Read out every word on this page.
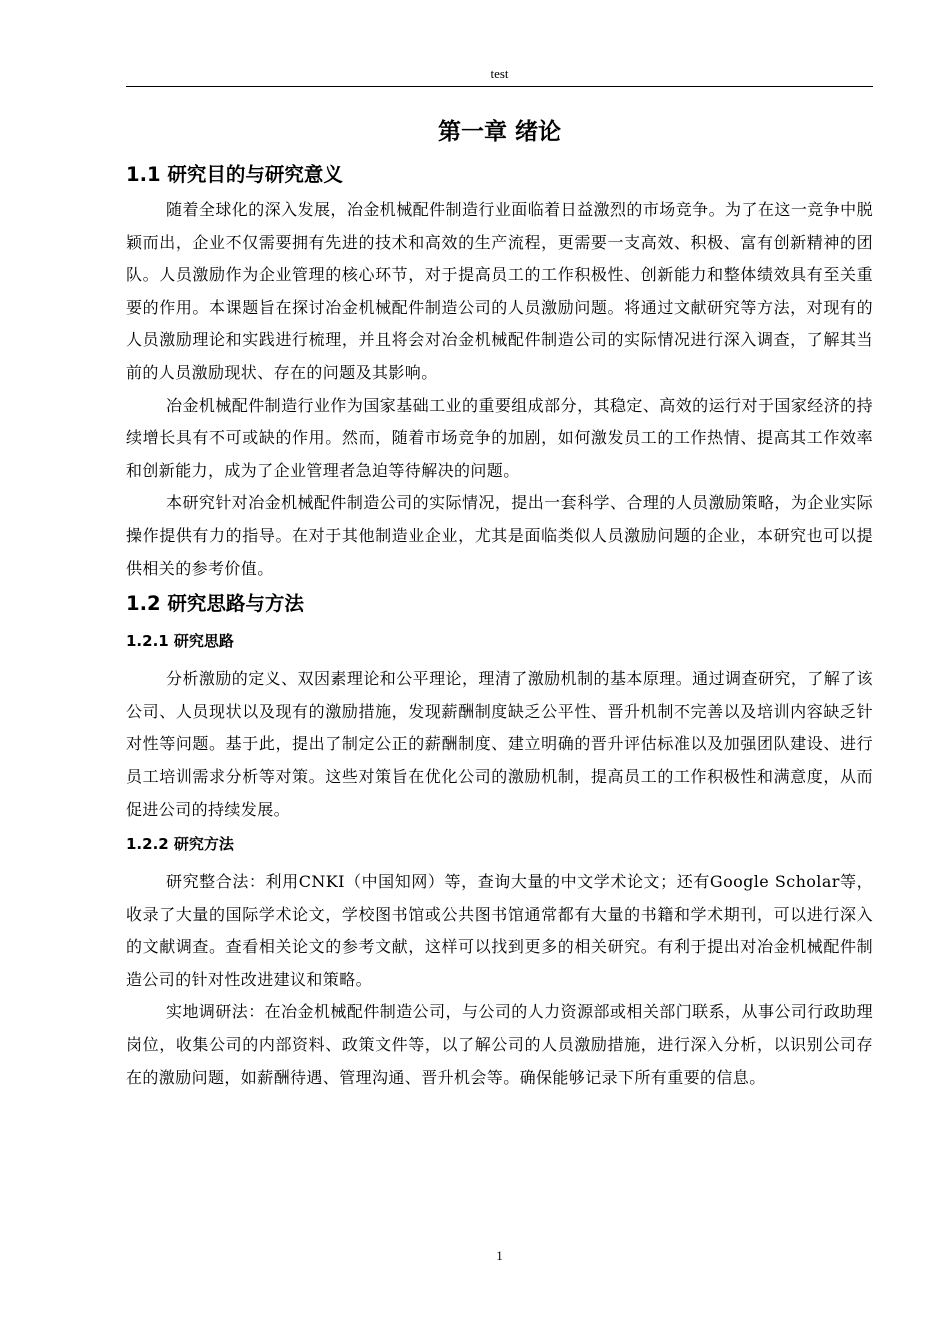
test
第一章 绪论
1.1 研究目的与研究意义

随着全球化的深入发展，冶金机械配件制造行业面临着日益激烈的市场竞争。为了在这一竞争中脱颖而出，企业不仅需要拥有先进的技术和高效的生产流程，更需要一支高效、积极、富有创新精神的团队。人员激励作为企业管理的核心环节，对于提高员工的工作积极性、创新能力和整体绩效具有至关重要的作用。本课题旨在探讨冶金机械配件制造公司的人员激励问题。将通过文献研究等方法，对现有的人员激励理论和实践进行梳理，并且将会对冶金机械配件制造公司的实际情况进行深入调查，了解其当前的人员激励现状、存在的问题及其影响。

冶金机械配件制造行业作为国家基础工业的重要组成部分，其稳定、高效的运行对于国家经济的持续增长具有不可或缺的作用。然而，随着市场竞争的加剧，如何激发员工的工作热情、提高其工作效率和创新能力，成为了企业管理者急迫等待解决的问题。

本研究针对冶金机械配件制造公司的实际情况，提出一套科学、合理的人员激励策略，为企业实际操作提供有力的指导。在对于其他制造业企业，尤其是面临类似人员激励问题的企业，本研究也可以提供相关的参考价值。

1.2 研究思路与方法
1.2.1 研究思路

分析激励的定义、双因素理论和公平理论，理清了激励机制的基本原理。通过调查研究，了解了该公司、人员现状以及现有的激励措施，发现薪酬制度缺乏公平性、晋升机制不完善以及培训内容缺乏针对性等问题。基于此，提出了制定公正的薪酬制度、建立明确的晋升评估标准以及加强团队建设、进行员工培训需求分析等对策。这些对策旨在优化公司的激励机制，提高员工的工作积极性和满意度，从而促进公司的持续发展。

1.2.2 研究方法

研究整合法：利用CNKI（中国知网）等，查询大量的中文学术论文；还有Google Scholar等，收录了大量的国际学术论文，学校图书馆或公共图书馆通常都有大量的书籍和学术期刊，可以进行深入的文献调查。查看相关论文的参考文献，这样可以找到更多的相关研究。有利于提出对冶金机械配件制造公司的针对性改进建议和策略。

实地调研法：在冶金机械配件制造公司，与公司的人力资源部或相关部门联系，从事公司行政助理岗位，收集公司的内部资料、政策文件等，以了解公司的人员激励措施，进行深入分析，以识别公司存在的激励问题，如薪酬待遇、管理沟通、晋升机会等。确保能够记录下所有重要的信息。

1
